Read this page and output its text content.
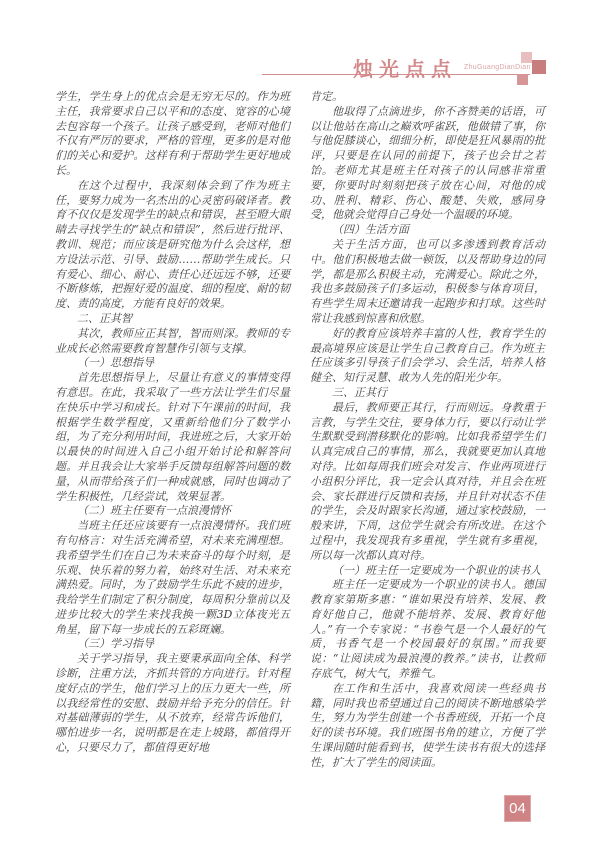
烛光点点 ZhuGuangDianDian

学生，学生身上的优点会是无穷无尽的。作为班主任，我常要求自己以平和的态度、宽容的心境去包容每一个孩子。让孩子感受到，老师对他们不仅有严厉的要求，严格的管理，更多的是对他们的关心和爱护。这样有利于帮助学生更好地成长。

在这个过程中，我深刻体会到了作为班主任，要努力成为一名杰出的心灵密码破译者。教育不仅仅是发现学生的缺点和错误，甚至瞪大眼睛去寻找学生的“缺点和错误”，然后进行批评、教训、规范；而应该是研究他为什么会这样，想方设法示范、引导、鼓励……帮助学生成长。只有爱心、细心、耐心、责任心还远远不够，还要不断修炼，把握好爱的温度、细的程度、耐的韧度、责的高度，方能有良好的效果。

二、正其智

其次，教师应正其智，智而则深。教师的专业成长必然需要教育智慧作引领与支撑。

（一）思想指导

首先思想指导上，尽量让有意义的事情变得有意思。在此，我采取了一些方法让学生们尽量在快乐中学习和成长。针对下午课前的时间，我根据学生数学程度，又重新给他们分了数学小组，为了充分利用时间，我进班之后，大家开始以最快的时间进入自己小组开始讨论和解答问题。并且我会让大家举手反馈每组解答问题的数量，从而带给孩子们一种成就感，同时也调动了学生积极性，几经尝试，效果显著。

（二）班主任要有一点浪漫情怀

当班主任还应该要有一点浪漫情怀。我们班有句格言：对生活充满希望，对未来充满理想。我希望学生们在自己为未来奋斗的每个时刻，是乐观、快乐着的努力着，始终对生活、对未来充满热爱。同时，为了鼓励学生乐此不疲的进步，我给学生们制定了积分制度，每周积分靠前以及进步比较大的学生来找我换一颗3D立体夜光五角星，留下每一步成长的五彩斑斓。

（三）学习指导

关于学习指导，我主要秉承面向全体、科学诊断，注重方法，齐抓共管的方向进行。针对程度好点的学生，他们学习上的压力更大一些，所以我经常性的安慰、鼓励并给予充分的信任。针对基础薄弱的学生，从不放弃，经常告诉他们，哪怕进步一名，说明都是在走上坡路，都值得开心，只要尽力了，都值得更好地

肯定。

他取得了点滴进步，你不吝赞美的话语，可以让他站在高山之巅欢呼雀跃，他做错了事，你与他促膝谈心，细细分析，即使是狂风暴雨的批评，只要是在认同的前提下，孩子也会甘之若饴。老师尤其是班主任对孩子的认同感非常重要，你要时时刻刻把孩子放在心间，对他的成功、胜利、精彩、伤心、酸楚、失败，感同身受，他就会觉得自己身处一个温暖的环境。

（四）生活方面

关于生活方面，也可以多渗透到教育活动中。他们积极地去做一顿饭，以及帮助身边的同学，都是那么积极主动，充满爱心。除此之外，我也多鼓励孩子们多运动，积极参与体育项目，有些学生周末还邀请我一起跑步和打球。这些时常让我感到惊喜和欣慰。

好的教育应该培养丰富的人性，教育学生的最高境界应该是让学生自己教育自己。作为班主任应该多引导孩子们会学习、会生活，培养人格健全、知行灵慧、敢为人先的阳光少年。

三、正其行

最后，教师要正其行，行而则远。身教重于言教，与学生交往，要身体力行，要以行动让学生默默受到潜移默化的影响。比如我希望学生们认真完成自己的事情，那么，我就要更加认真地对待。比如每周我们班会对发言、作业两项进行小组积分评比，我一定会认真对待，并且会在班会、家长群进行反馈和表扬，并且针对状态不佳的学生，会及时跟家长沟通，通过家校鼓励，一般来讲，下周，这位学生就会有所改进。在这个过程中，我发现我有多重视，学生就有多重视，所以每一次都认真对待。

（一）班主任一定要成为一个职业的读书人

班主任一定要成为一个职业的读书人。德国教育家第斯多惠：“谁如果没有培养、发展、教育好他自己，他就不能培养、发展、教育好他人。”有一个专家说：“书卷气是一个人最好的气质，书香气是一个校园最好的氛围。”而我要说：“让阅读成为最浪漫的教养。”读书，让教师存底气，树大气，养雅气。

在工作和生活中，我喜欢阅读一些经典书籍，同时我也希望通过自己的阅读不断地感染学生，努力为学生创建一个书香班级，开拓一个良好的读书环境。我们班图书角的建立，方便了学生课间随时能看到书，使学生读书有很大的选择性，扩大了学生的阅读面。

04
